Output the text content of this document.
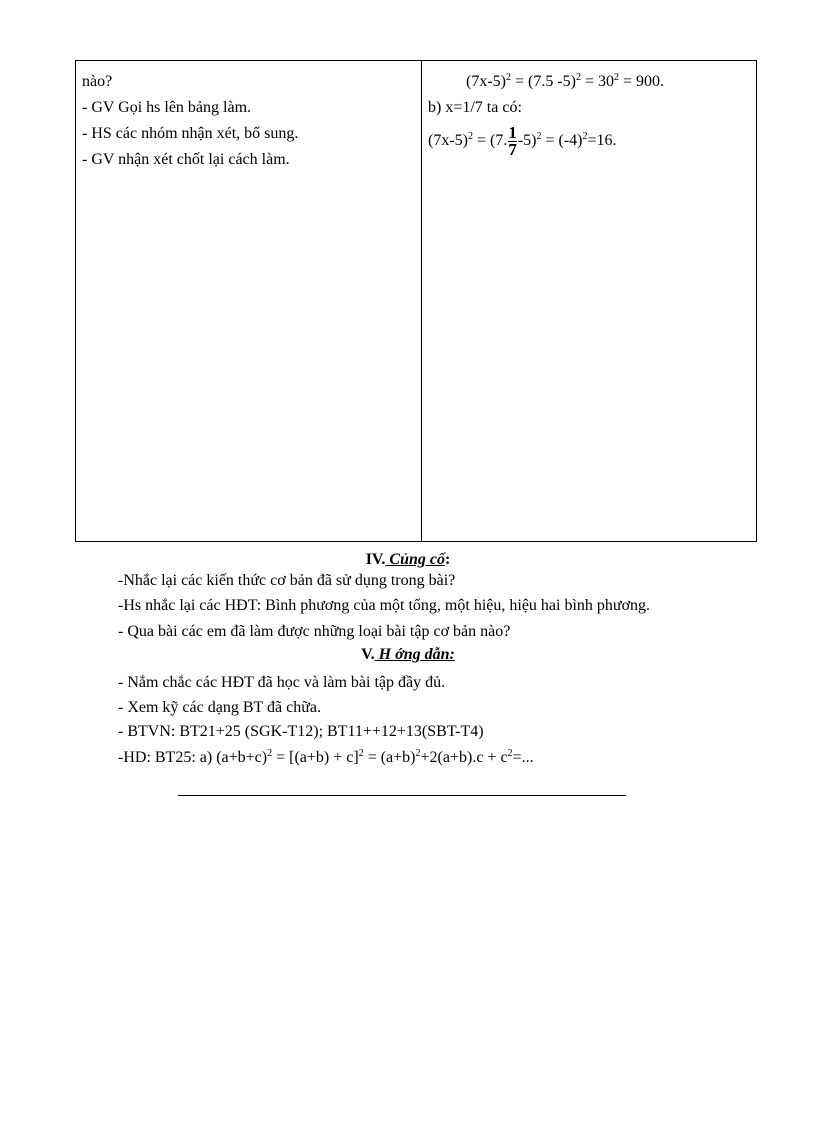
nào?
- GV Gọi hs lên bảng làm.
- HS các nhóm nhận xét, bổ sung.
- GV nhận xét chốt lại cách làm.
$(7x-5)^2 = (7.5$ $-5)^2 = 30^2 = 900$.
b) x=1/7 ta có:
$(7x-5)^2 = (7$. $\frac{1}{7} -5)^2 = (-4)^2=16$.
IV. Củng cố:
-Nhắc lại các kiến thức cơ bản đã sử dụng trong bài?
-Hs nhắc lại các HĐT: Bình phương của một tổng, một hiệu, hiệu hai bình phương.
- Qua bài các em đã làm được những loại bài tập cơ bản nào?
V. H ớng dẫn:
- Nắm chắc các HĐT đã học và làm bài tập đầy đủ.
- Xem kỹ các dạng BT đã chữa.
- BTVN: BT21+25 (SGK-T12); BT11++12+13(SBT-T4)
-HD: BT25: a) $(a+b+c)^2 = [(a+b) + c]^2 = (a+b)^2+2(a+b).c + c^2=$...
